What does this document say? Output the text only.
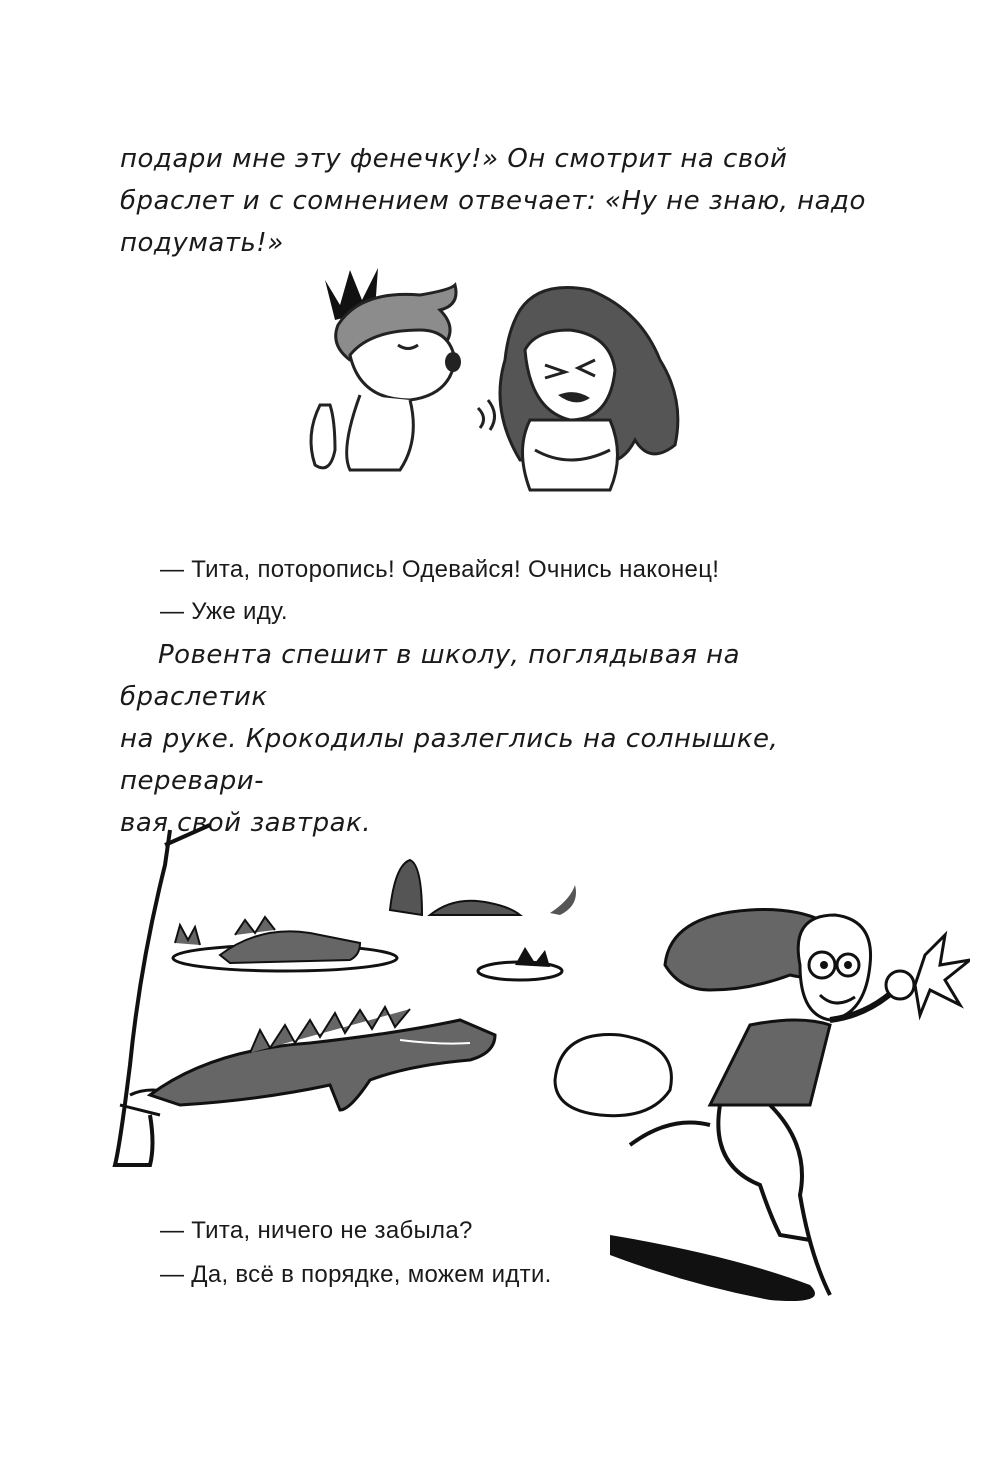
подари мне эту фенечку!» Он смотрит на свой

браслет и с сомнением отвечает: «Ну не знаю, надо

подумать!»

— Тита, поторопись! Одевайся! Очнись наконец!
— Уже иду.

Ровента спешит в школу, поглядывая на браслетик

на руке. Крокодилы разлеглись на солнышке, перевари-

вая свой завтрак.

— Тита, ничего не забыла?
— Да, всё в порядке, можем идти.
